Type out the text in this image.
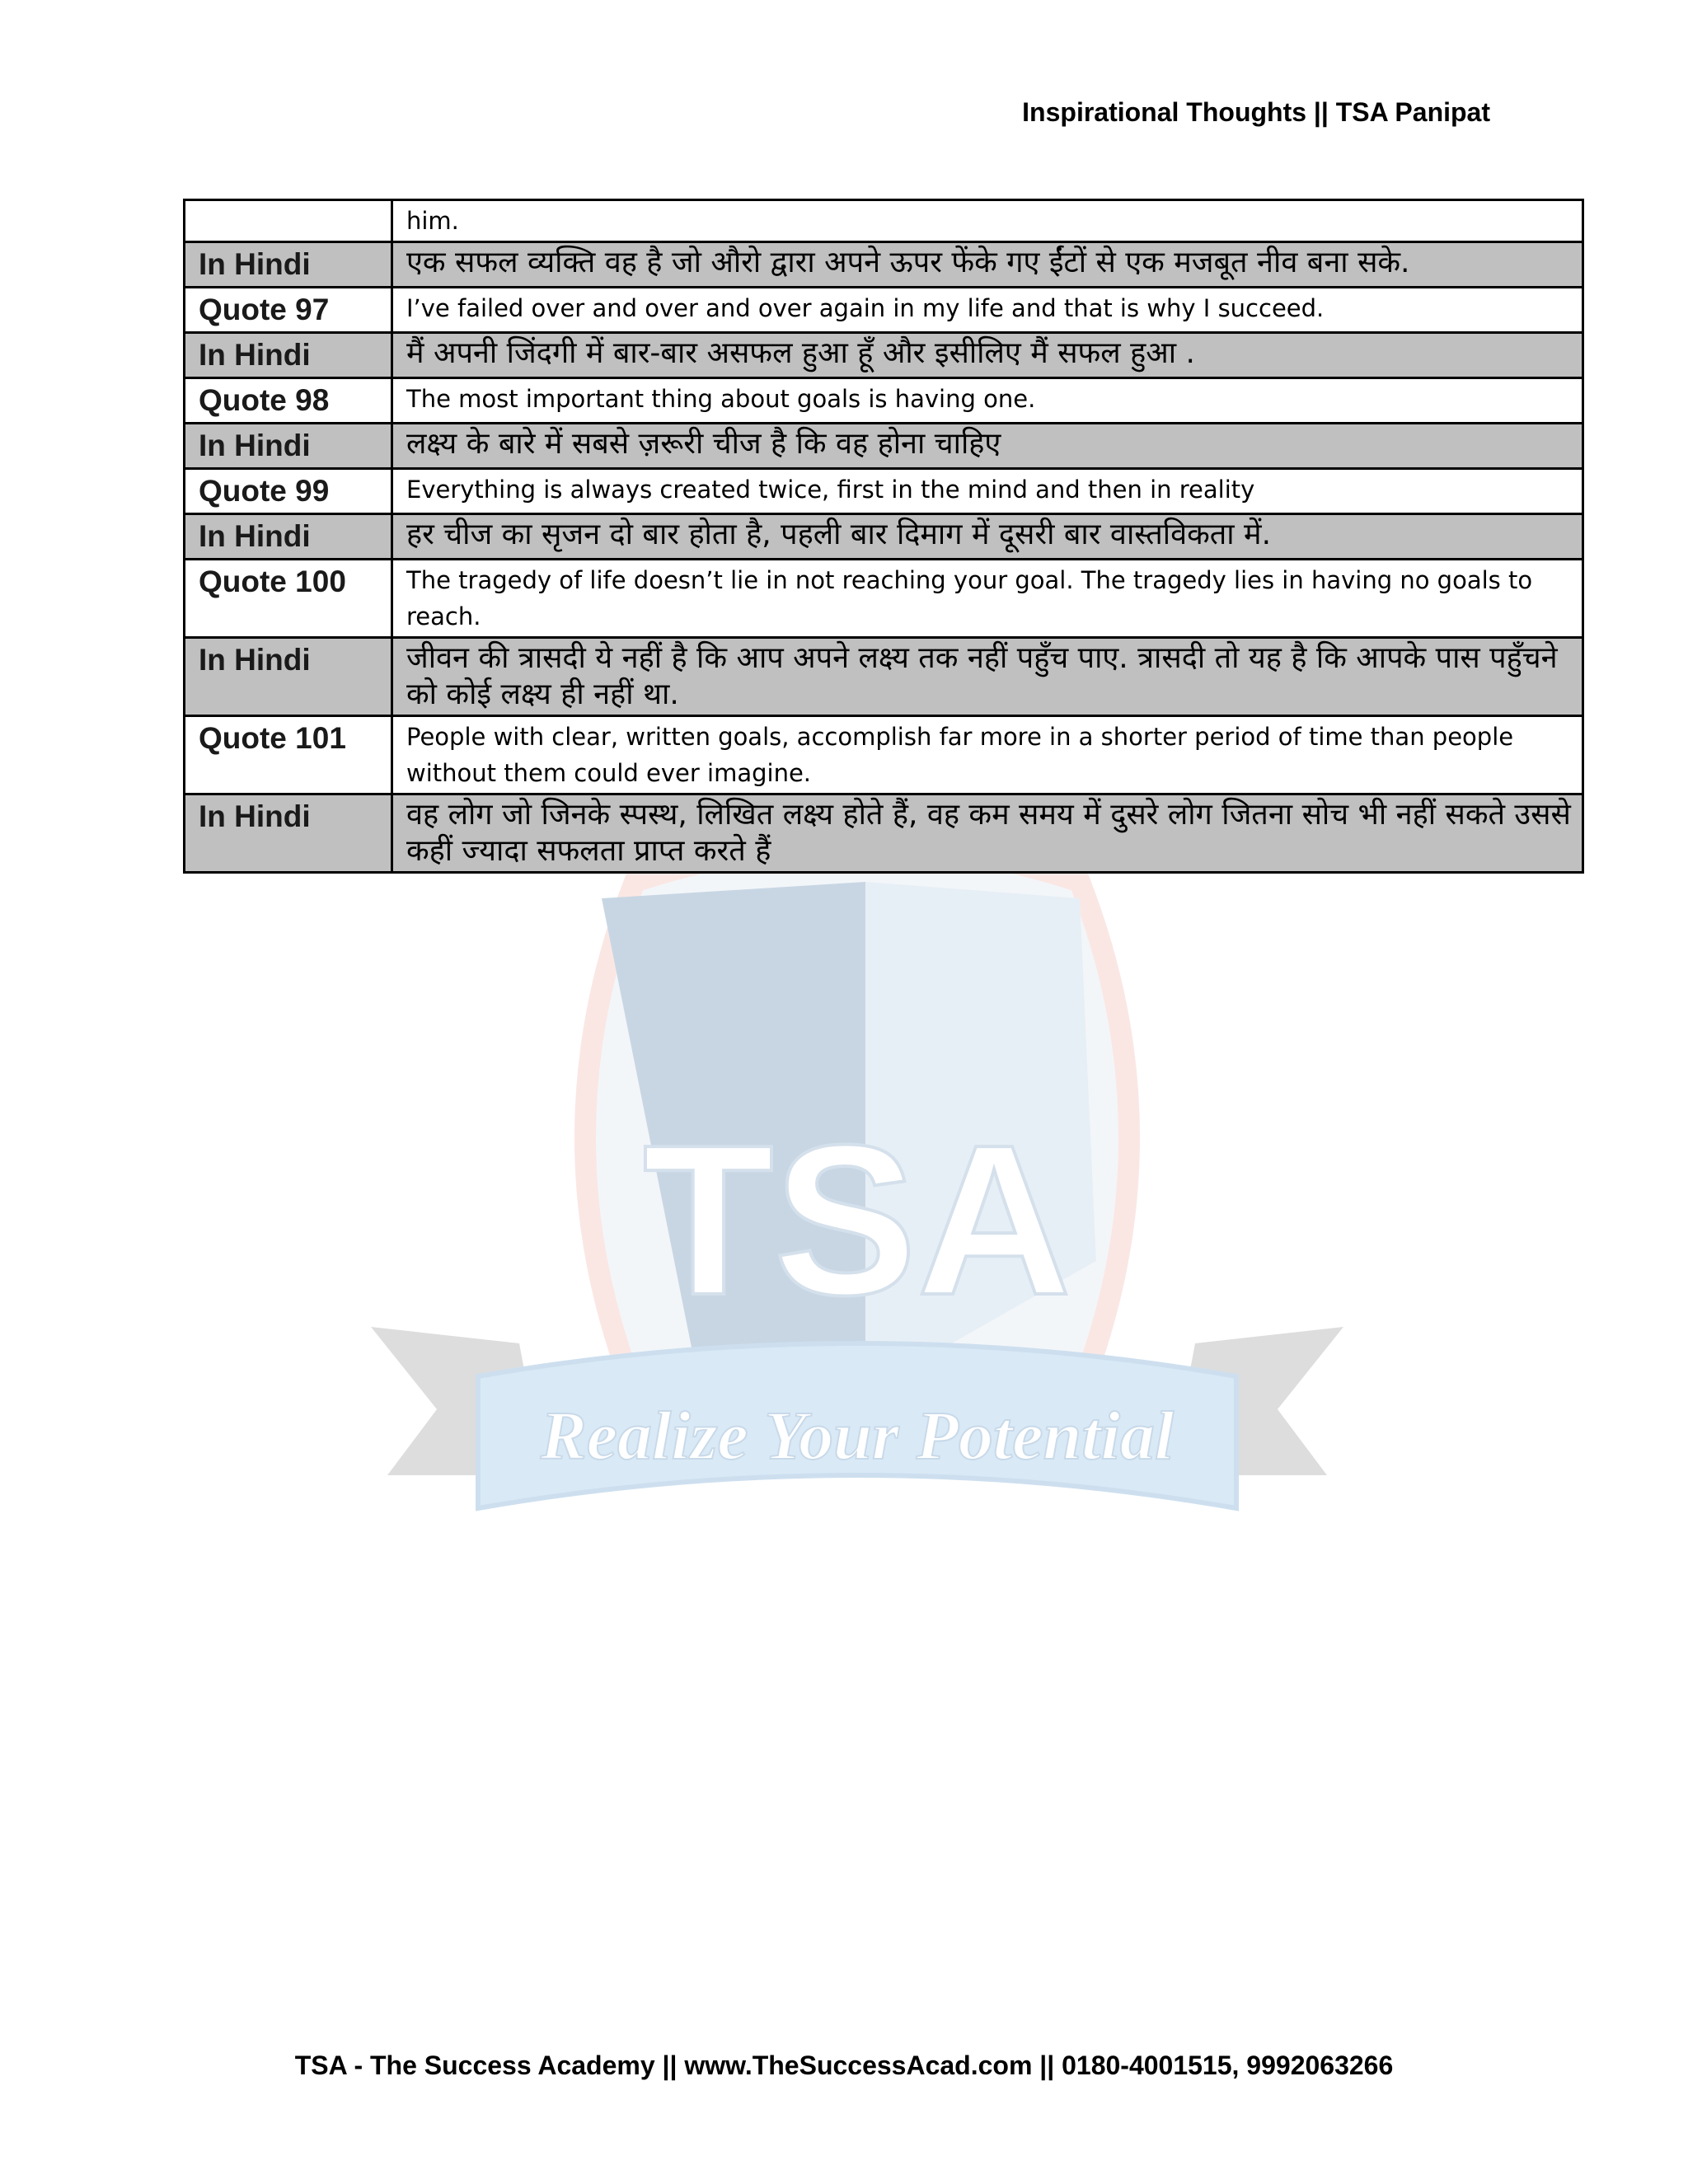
Inspirational Thoughts || TSA Panipat
TSA
Realize Your Potential
	him.
In Hindi	एक सफल व्यक्ति वह है जो औरो द्वारा अपने ऊपर फेंके गए ईंटों से एक मजबूत नीव बना सके.
Quote 97	I’ve failed over and over and over again in my life and that is why I succeed.
In Hindi	मैं अपनी जिंदगी में बार-बार असफल हुआ हूँ और इसीलिए मैं सफल हुआ .
Quote 98	The most important thing about goals is having one.
In Hindi	लक्ष्य के बारे में सबसे ज़रूरी चीज है कि वह होना चाहिए
Quote 99	Everything is always created twice, first in the mind and then in reality
In Hindi	हर चीज का सृजन दो बार होता है, पहली बार दिमाग में दूसरी बार वास्तविकता में.
Quote 100	The tragedy of life doesn’t lie in not reaching your goal. The tragedy lies in having no goals to reach.
In Hindi	जीवन की त्रासदी ये नहीं है कि आप अपने लक्ष्य तक नहीं पहुँच पाए. त्रासदी तो यह है कि आपके पास पहुँचने को कोई लक्ष्य ही नहीं था.
Quote 101	People with clear, written goals, accomplish far more in a shorter period of time than people without them could ever imagine.
In Hindi	वह लोग जो जिनके स्पस्थ, लिखित लक्ष्य होते हैं, वह कम समय में दुसरे लोग जितना सोच भी नहीं सकते उससे कहीं ज्यादा सफलता प्राप्त करते हैं
TSA - The Success Academy || www.TheSuccessAcad.com || 0180-4001515, 9992063266
